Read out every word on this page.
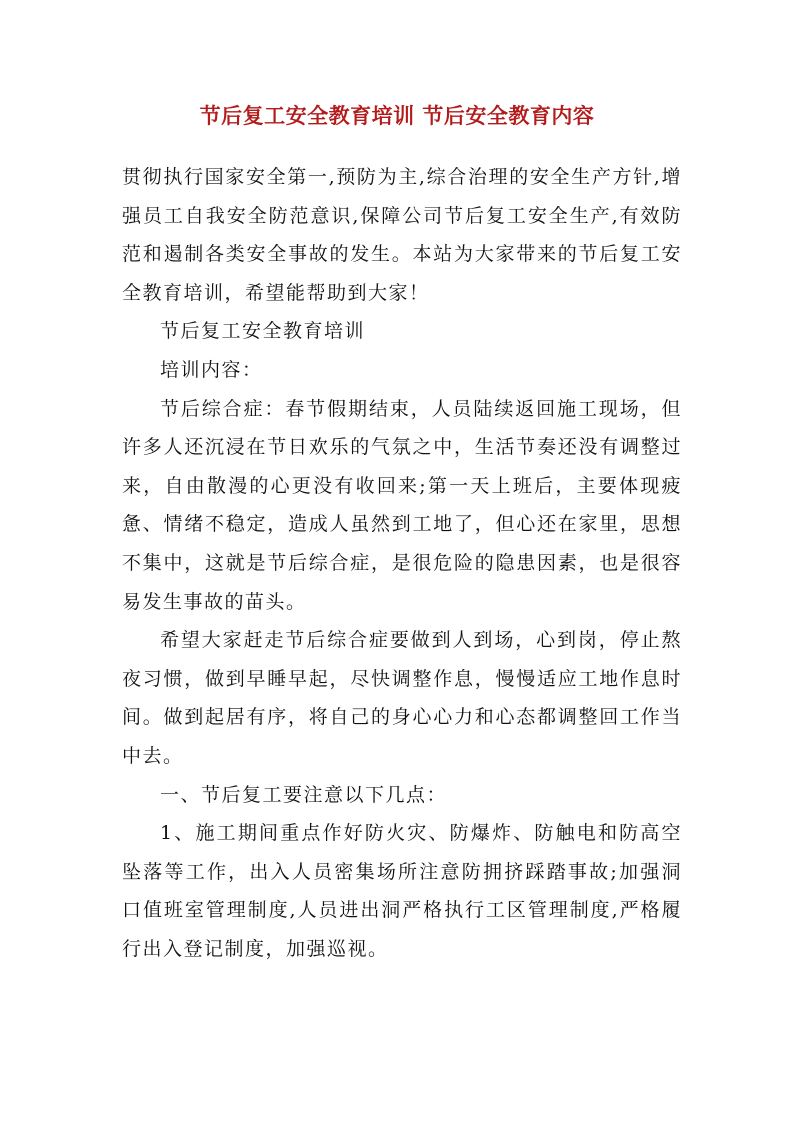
节后复工安全教育培训 节后安全教育内容

贯彻执行国家安全第一,预防为主,综合治理的安全生产方针,增强员工自我安全防范意识,保障公司节后复工安全生产,有效防范和遏制各类安全事故的发生。本站为大家带来的节后复工安全教育培训，希望能帮助到大家！

节后复工安全教育培训

培训内容：

节后综合症：春节假期结束，人员陆续返回施工现场，但许多人还沉浸在节日欢乐的气氛之中，生活节奏还没有调整过来，自由散漫的心更没有收回来;第一天上班后，主要体现疲惫、情绪不稳定，造成人虽然到工地了，但心还在家里，思想不集中，这就是节后综合症，是很危险的隐患因素，也是很容易发生事故的苗头。

希望大家赶走节后综合症要做到人到场，心到岗，停止熬夜习惯，做到早睡早起，尽快调整作息，慢慢适应工地作息时间。做到起居有序，将自己的身心心力和心态都调整回工作当中去。

一、节后复工要注意以下几点：

1、施工期间重点作好防火灾、防爆炸、防触电和防高空坠落等工作，出入人员密集场所注意防拥挤踩踏事故;加强洞口值班室管理制度,人员进出洞严格执行工区管理制度,严格履行出入登记制度，加强巡视。
